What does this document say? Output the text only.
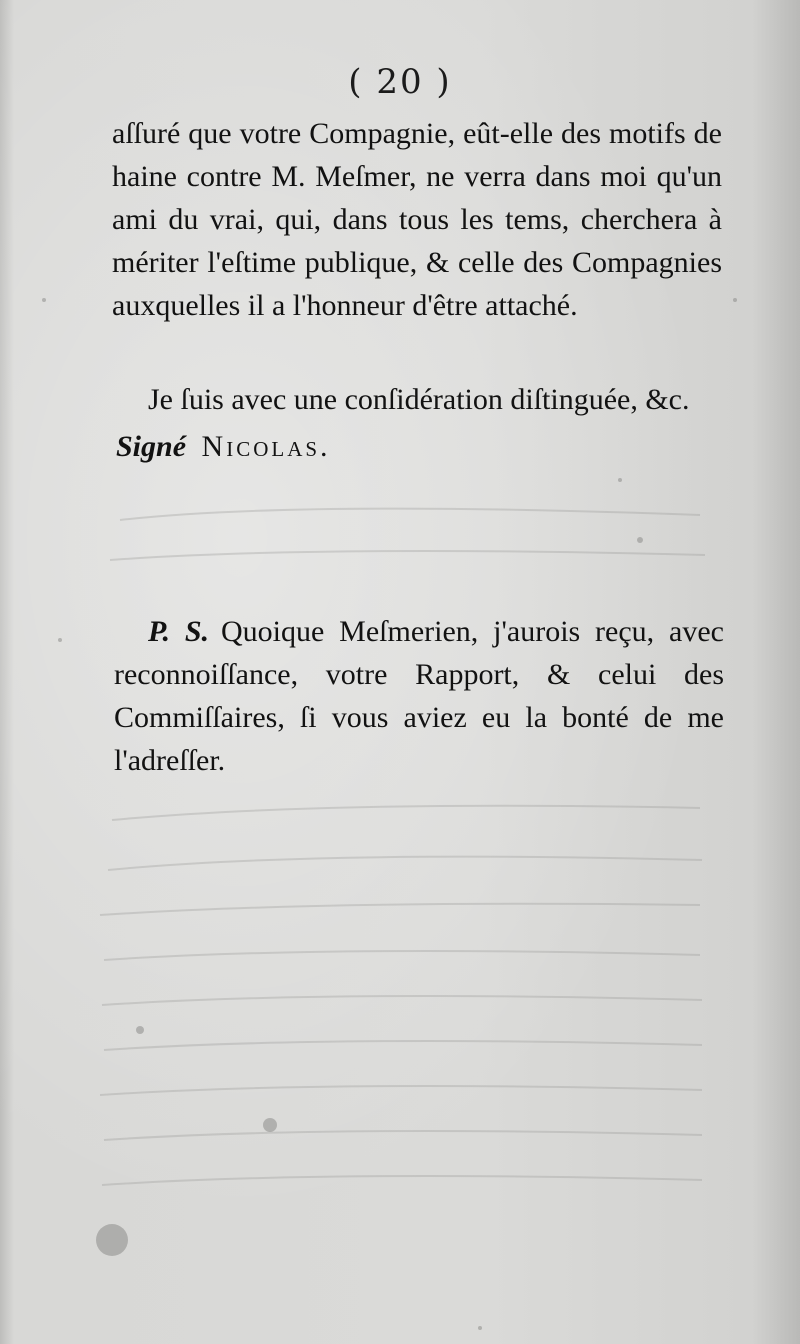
( 20 )

aſſuré que votre Compagnie, eût-elle des motifs de haine contre M. Meſmer, ne verra dans moi qu'un ami du vrai, qui, dans tous les tems, cherchera à mériter l'eſtime publique, & celle des Compagnies auxquelles il a l'honneur d'être attaché.

Je ſuis avec une conſidération diſtinguée, &c.
Signé Nicolas.

P. S. Quoique Meſmerien, j'aurois reçu, avec reconnoiſſance, votre Rapport, & celui des Commiſſaires, ſi vous aviez eu la bonté de me l'adreſſer.
